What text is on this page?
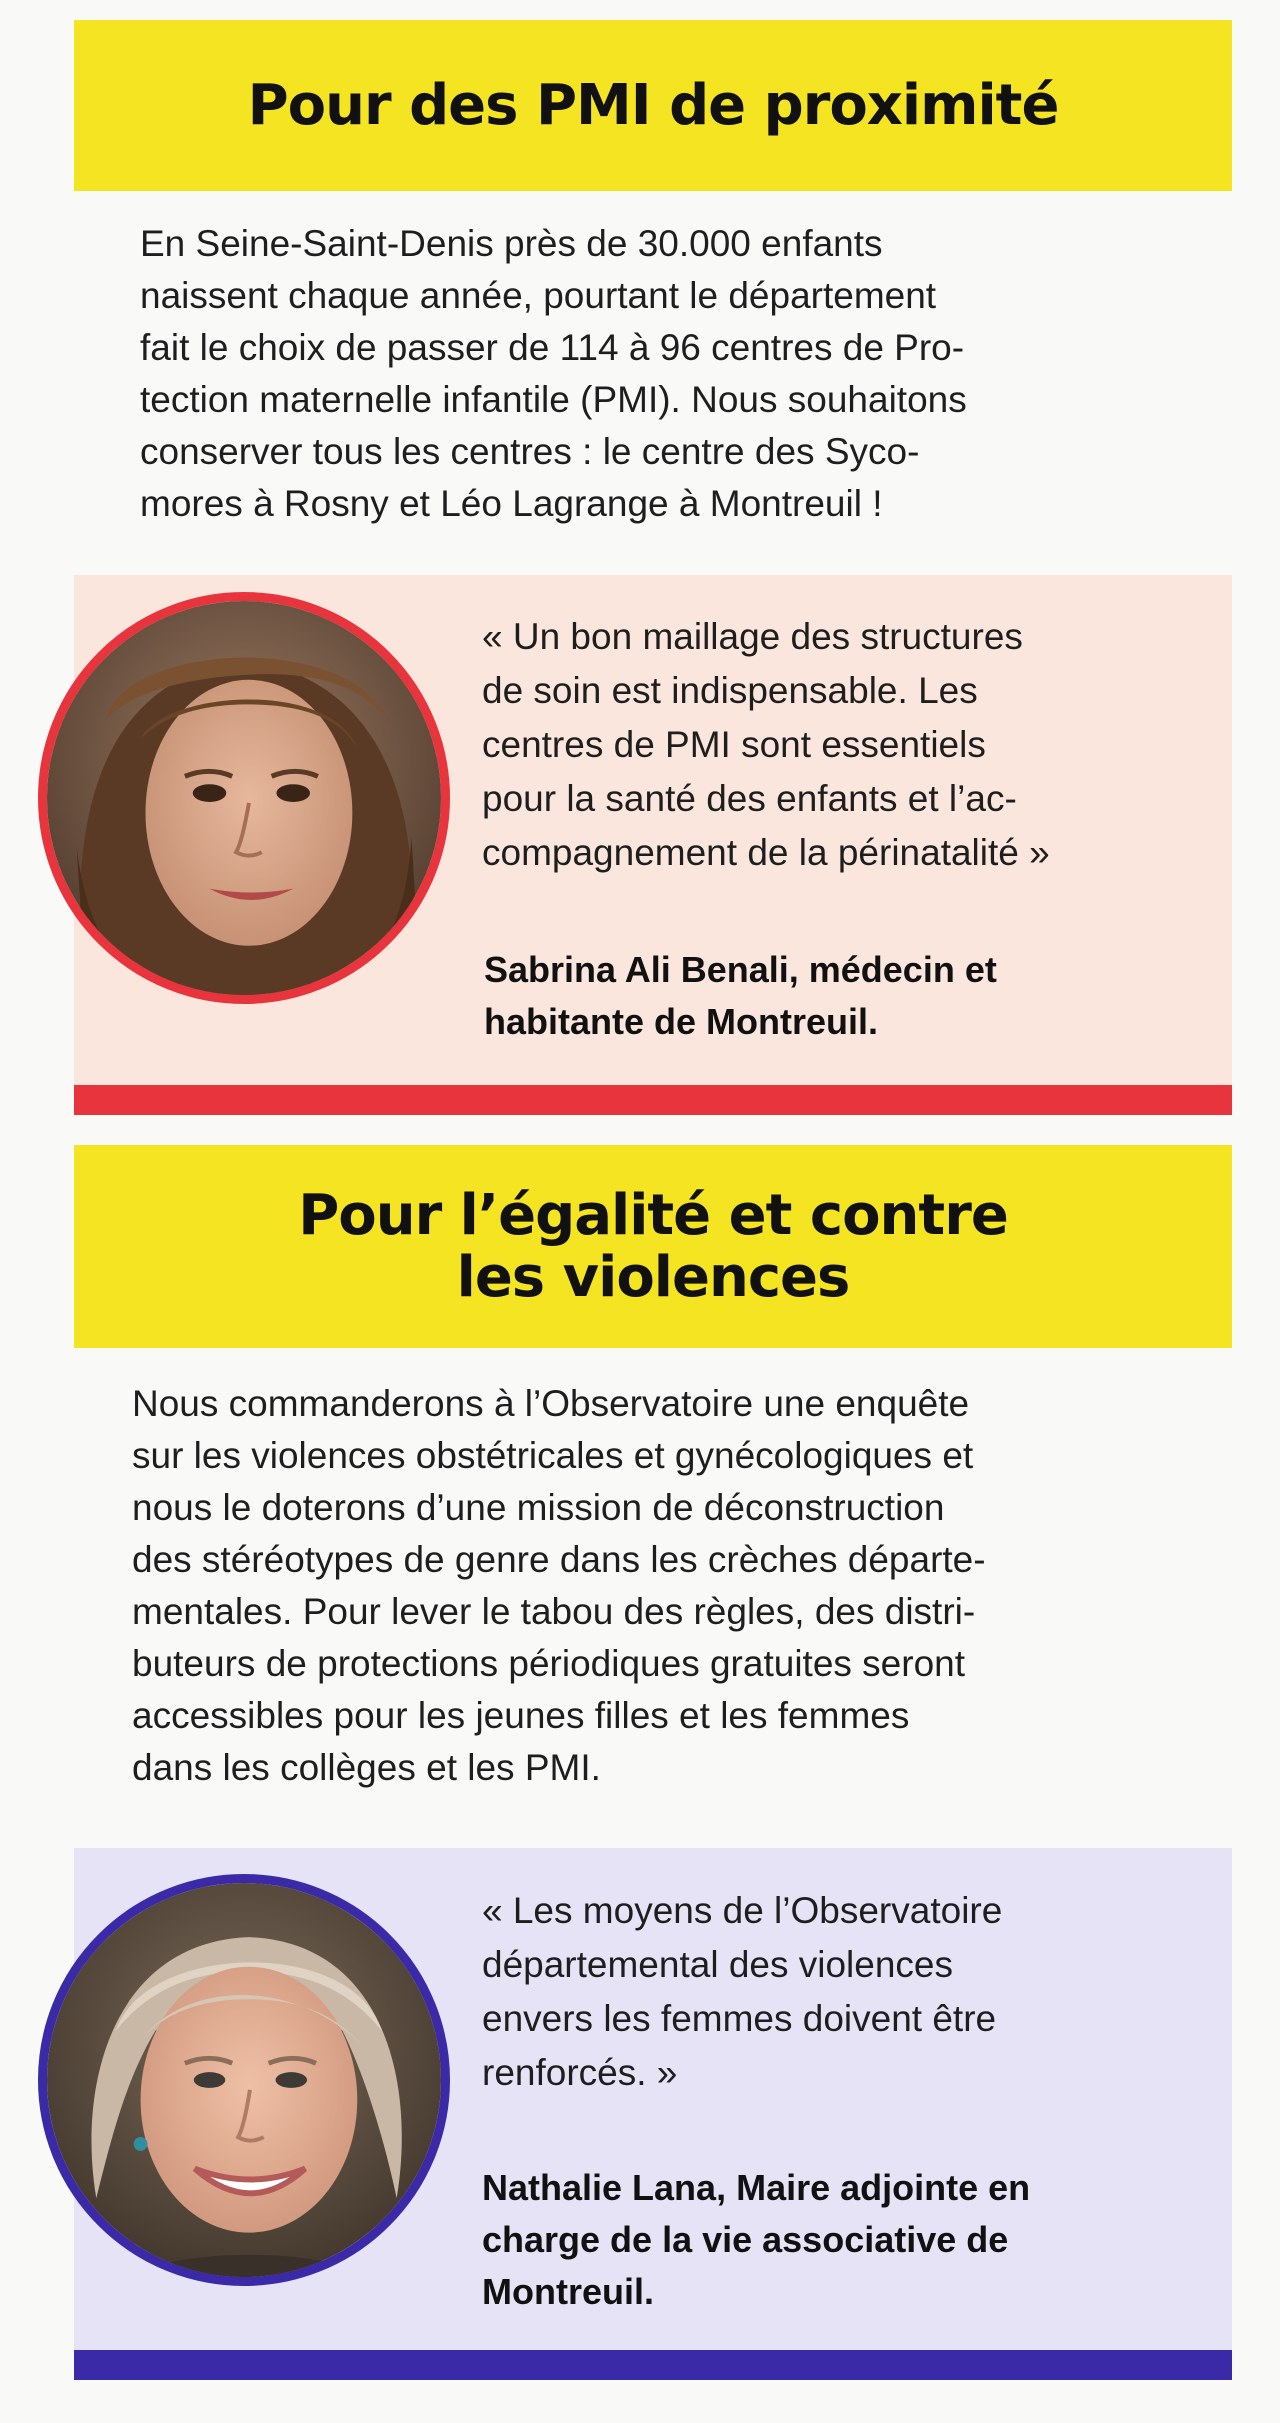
Pour des PMI de proximité

En Seine-Saint-Denis près de 30.000 enfants
naissent chaque année, pourtant le département
fait le choix de passer de 114 à 96 centres de Pro-
tection maternelle infantile (PMI). Nous souhaitons
conserver tous les centres : le centre des Syco-
mores à Rosny et Léo Lagrange à Montreuil !

« Un bon maillage des structures
de soin est indispensable. Les
centres de PMI sont essentiels
pour la santé des enfants et l’ac-
compagnement de la périnatalité »

Sabrina Ali Benali, médecin et
habitante de Montreuil.

Pour l’égalité et contre
les violences

Nous commanderons à l’Observatoire une enquête
sur les violences obstétricales et gynécologiques et
nous le doterons d’une mission de déconstruction
des stéréotypes de genre dans les crèches départe-
mentales. Pour lever le tabou des règles, des distri-
buteurs de protections périodiques gratuites seront
accessibles pour les jeunes filles et les femmes
dans les collèges et les PMI.

« Les moyens de l’Observatoire
départemental des violences
envers les femmes doivent être
renforcés. »

Nathalie Lana, Maire adjointe en
charge de la vie associative de
Montreuil.
